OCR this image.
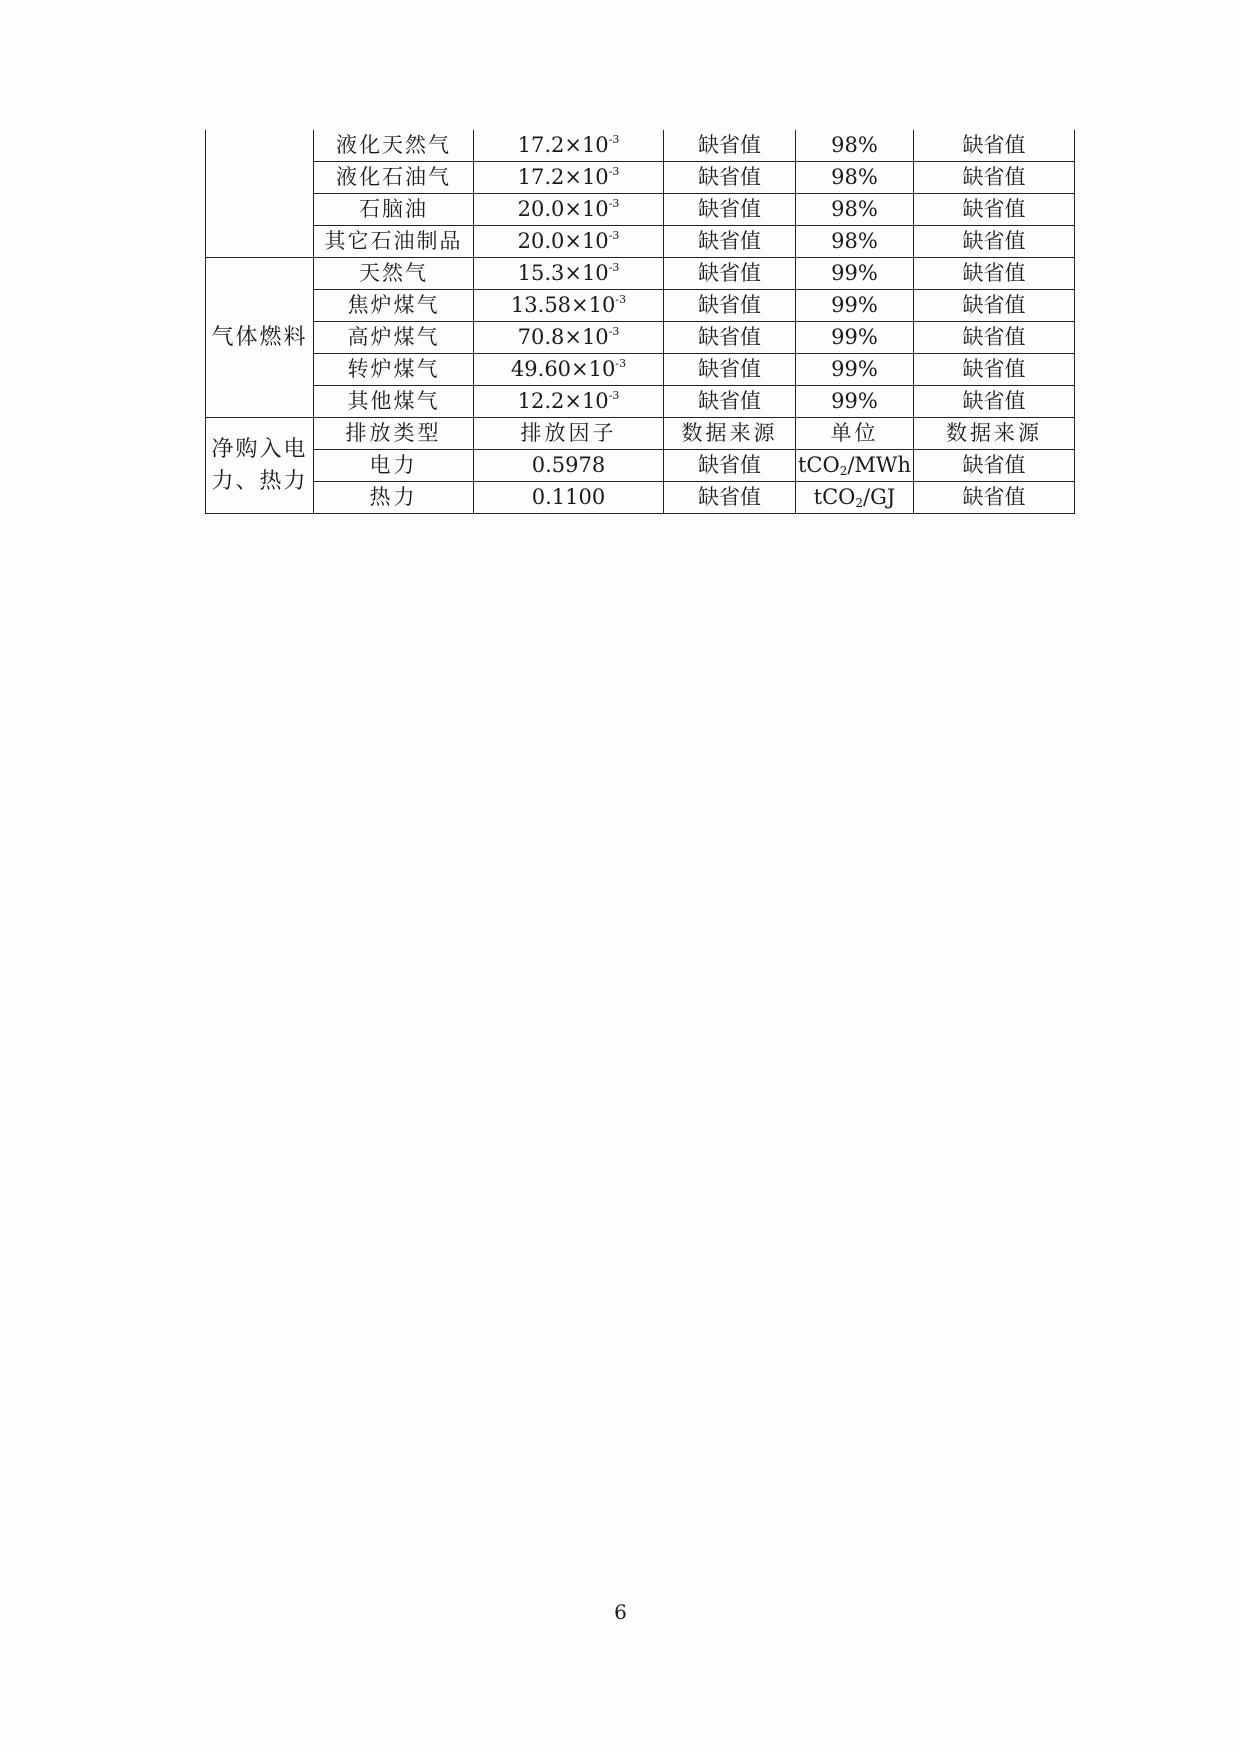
	液化天然气	$17.2\times 10^{-3}$	缺省值	98%	缺省值
	液化石油气	$17.2\times 10^{-3}$	缺省值	98%	缺省值
	石脑油	$20.0\times 10^{-3}$	缺省值	98%	缺省值
	其它石油制品	$20.0\times 10^{-3}$	缺省值	98%	缺省值
气体燃料	天然气	$15.3\times 10^{-3}$	缺省值	99%	缺省值
	焦炉煤气	$13.58\times 10^{-3}$	缺省值	99%	缺省值
	高炉煤气	$70.8\times 10^{-3}$	缺省值	99%	缺省值
	转炉煤气	$49.60\times 10^{-3}$	缺省值	99%	缺省值
	其他煤气	$12.2\times 10^{-3}$	缺省值	99%	缺省值
净购入电力、热力	排放类型	排放因子	数据来源	单位	数据来源
	电力	0.5978	缺省值	tCO$_2$/MWh	缺省值
	热力	0.1100	缺省值	tCO$_2$/GJ	缺省值
6
